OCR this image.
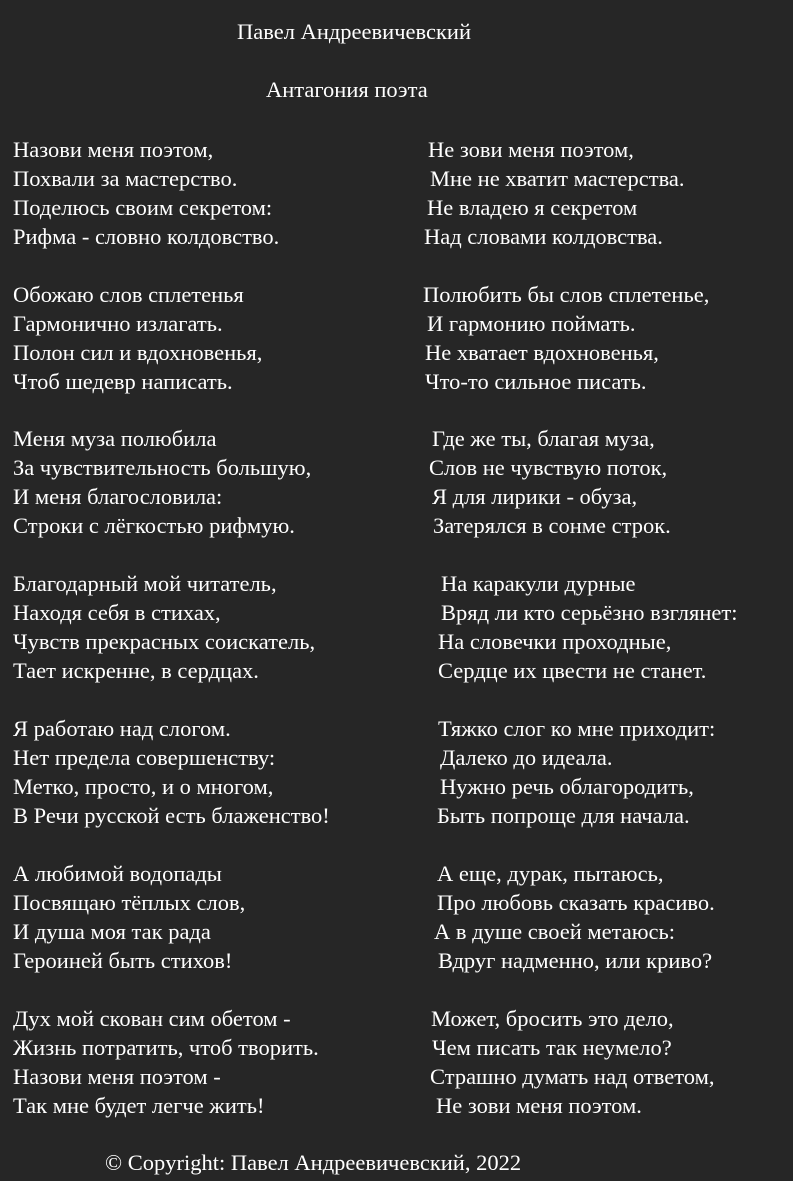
Павел Андреевичевский
Антагония поэта
Назови меня поэтом,
Похвали за мастерство.
Поделюсь своим секретом:
Рифма - словно колдовство.
Не зови меня поэтом,
Мне не хватит мастерства.
Не владею я секретом
Над словами колдовства.
Обожаю слов сплетенья
Гармонично излагать.
Полон сил и вдохновенья,
Чтоб шедевр написать.
Полюбить бы слов сплетенье,
И гармонию поймать.
Не хватает вдохновенья,
Что-то сильное писать.
Меня муза полюбила
За чувствительность большую,
И меня благословила:
Строки с лёгкостью рифмую.
Где же ты, благая муза,
Слов не чувствую поток,
Я для лирики - обуза,
Затерялся в сонме строк.
Благодарный мой читатель,
Находя себя в стихах,
Чувств прекрасных соискатель,
Тает искренне, в сердцах.
На каракули дурные
Вряд ли кто серьёзно взглянет:
На словечки проходные,
Сердце их цвести не станет.
Я работаю над слогом.
Нет предела совершенству:
Метко, просто, и о многом,
В Речи русской есть блаженство!
Тяжко слог ко мне приходит:
Далеко до идеала.
Нужно речь облагородить,
Быть попроще для начала.
А любимой водопады
Посвящаю тёплых слов,
И душа моя так рада
Героиней быть стихов!
А еще, дурак, пытаюсь,
Про любовь сказать красиво.
А в душе своей метаюсь:
Вдруг надменно, или криво?
Дух мой скован сим обетом -
Жизнь потратить, чтоб творить.
Назови меня поэтом -
Так мне будет легче жить!
Может, бросить это дело,
Чем писать так неумело?
Страшно думать над ответом,
Не зови меня поэтом.
© Copyright: Павел Андреевичевский, 2022
